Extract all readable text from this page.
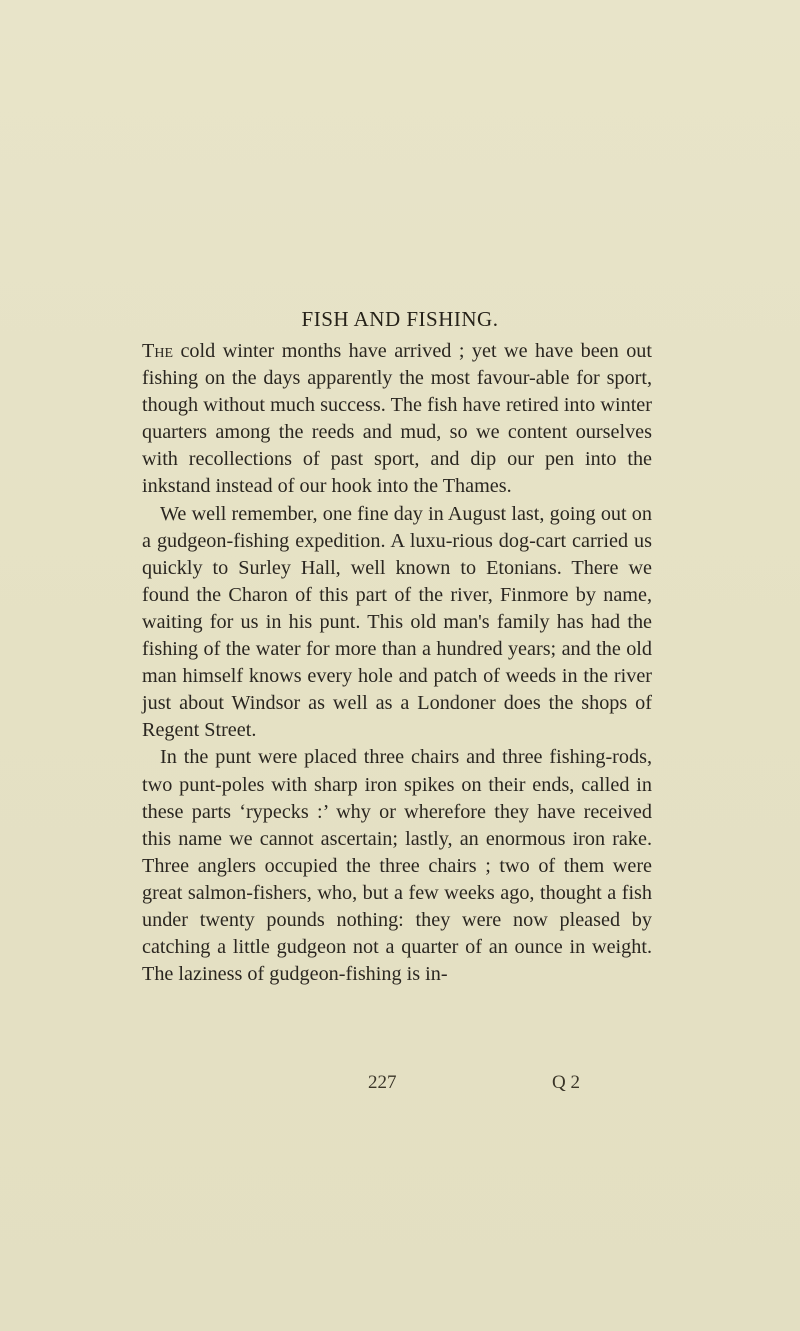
FISH AND FISHING.

The cold winter months have arrived ; yet we have been out fishing on the days apparently the most favour-able for sport, though without much success. The fish have retired into winter quarters among the reeds and mud, so we content ourselves with recollections of past sport, and dip our pen into the inkstand instead of our hook into the Thames.

We well remember, one fine day in August last, going out on a gudgeon-fishing expedition. A luxu-rious dog-cart carried us quickly to Surley Hall, well known to Etonians. There we found the Charon of this part of the river, Finmore by name, waiting for us in his punt. This old man's family has had the fishing of the water for more than a hundred years; and the old man himself knows every hole and patch of weeds in the river just about Windsor as well as a Londoner does the shops of Regent Street.

In the punt were placed three chairs and three fishing-rods, two punt-poles with sharp iron spikes on their ends, called in these parts ‘rypecks :’ why or wherefore they have received this name we cannot ascertain; lastly, an enormous iron rake. Three anglers occupied the three chairs ; two of them were great salmon-fishers, who, but a few weeks ago, thought a fish under twenty pounds nothing: they were now pleased by catching a little gudgeon not a quarter of an ounce in weight. The laziness of gudgeon-fishing is in-

227	Q 2
